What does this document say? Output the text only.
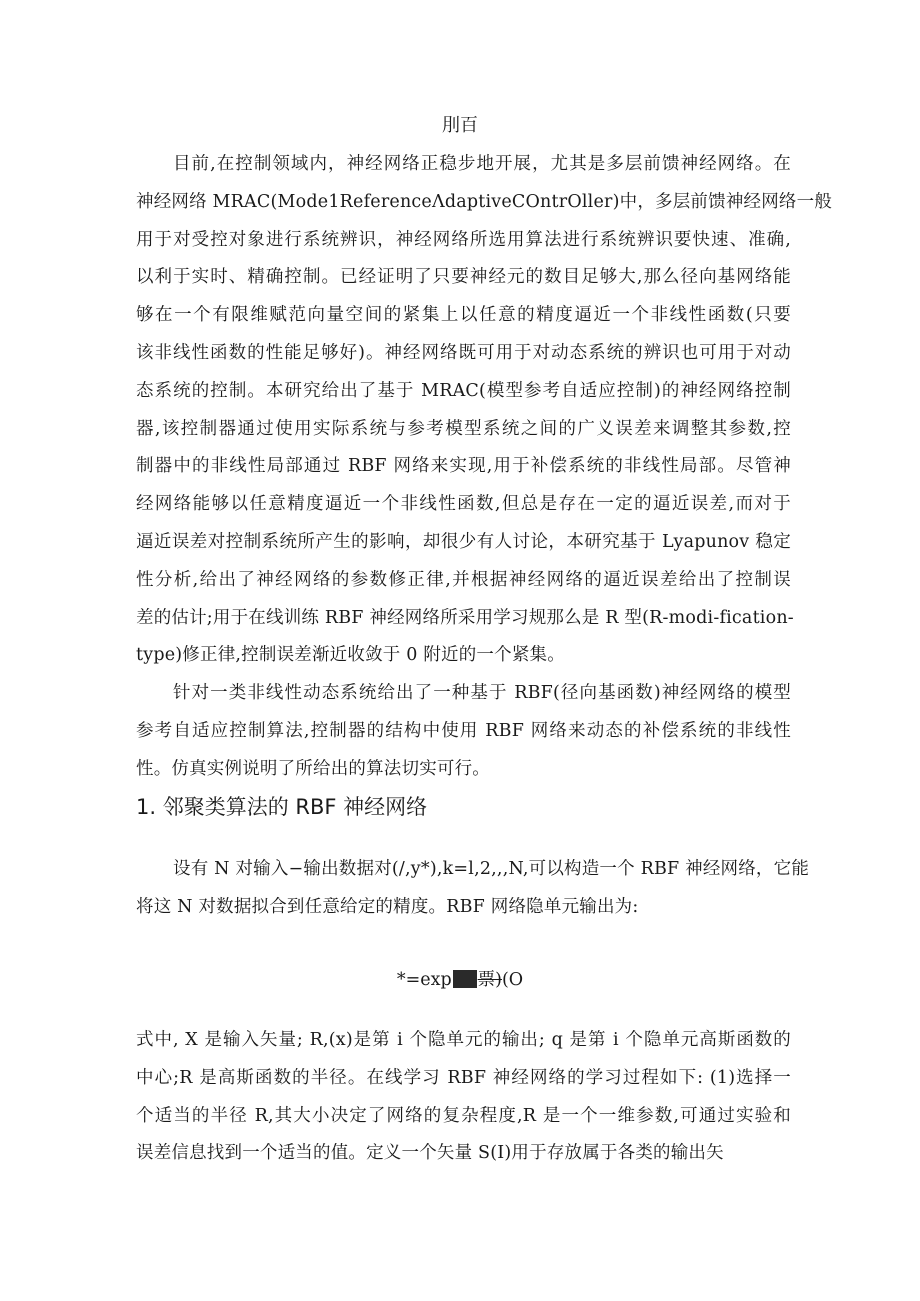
刖百
目前,在控制领域内，神经网络正稳步地开展，尤其是多层前馈神经网络。在
神经网络 MRAC(Mode1ReferenceΛdaptiveCOntrOller)中，多层前馈神经网络一般
用于对受控对象进行系统辨识，神经网络所选用算法进行系统辨识要快速、准确,
以利于实时、精确控制。已经证明了只要神经元的数目足够大,那么径向基网络能
够在一个有限维赋范向量空间的紧集上以任意的精度逼近一个非线性函数(只要
该非线性函数的性能足够好)。神经网络既可用于对动态系统的辨识也可用于对动
态系统的控制。本研究给出了基于 MRAC(模型参考自适应控制)的神经网络控制
器,该控制器通过使用实际系统与参考模型系统之间的广义误差来调整其参数,控
制器中的非线性局部通过 RBF 网络来实现,用于补偿系统的非线性局部。尽管神
经网络能够以任意精度逼近一个非线性函数,但总是存在一定的逼近误差,而对于
逼近误差对控制系统所产生的影响，却很少有人讨论，本研究基于 Lyapunov 稳定
性分析,给出了神经网络的参数修正律,并根据神经网络的逼近误差给出了控制误
差的估计;用于在线训练 RBF 神经网络所采用学习规那么是 R 型(R-modi-fication-
type)修正律,控制误差渐近收敛于 0 附近的一个紧集。
针对一类非线性动态系统给出了一种基于 RBF(径向基函数)神经网络的模型
参考自适应控制算法,控制器的结构中使用 RBF 网络来动态的补偿系统的非线性
性。仿真实例说明了所给出的算法切实可行。
1. 邻聚类算法的 RBF 神经网络
设有 N 对输入−输出数据对(/,y*),k=l,2,,,N,可以构造一个 RBF 神经网络，它能
将这 N 对数据拟合到任意给定的精度。RBF 网络隐单元输出为:
*=exp 票)(O
式中, X 是输入矢量; R,(x)是第 i 个隐单元的输出; q 是第 i 个隐单元高斯函数的
中心;R 是高斯函数的半径。在线学习 RBF 神经网络的学习过程如下: (1)选择一
个适当的半径 R,其大小决定了网络的复杂程度,R 是一个一维参数,可通过实验和
误差信息找到一个适当的值。定义一个矢量 S(I)用于存放属于各类的输出矢
